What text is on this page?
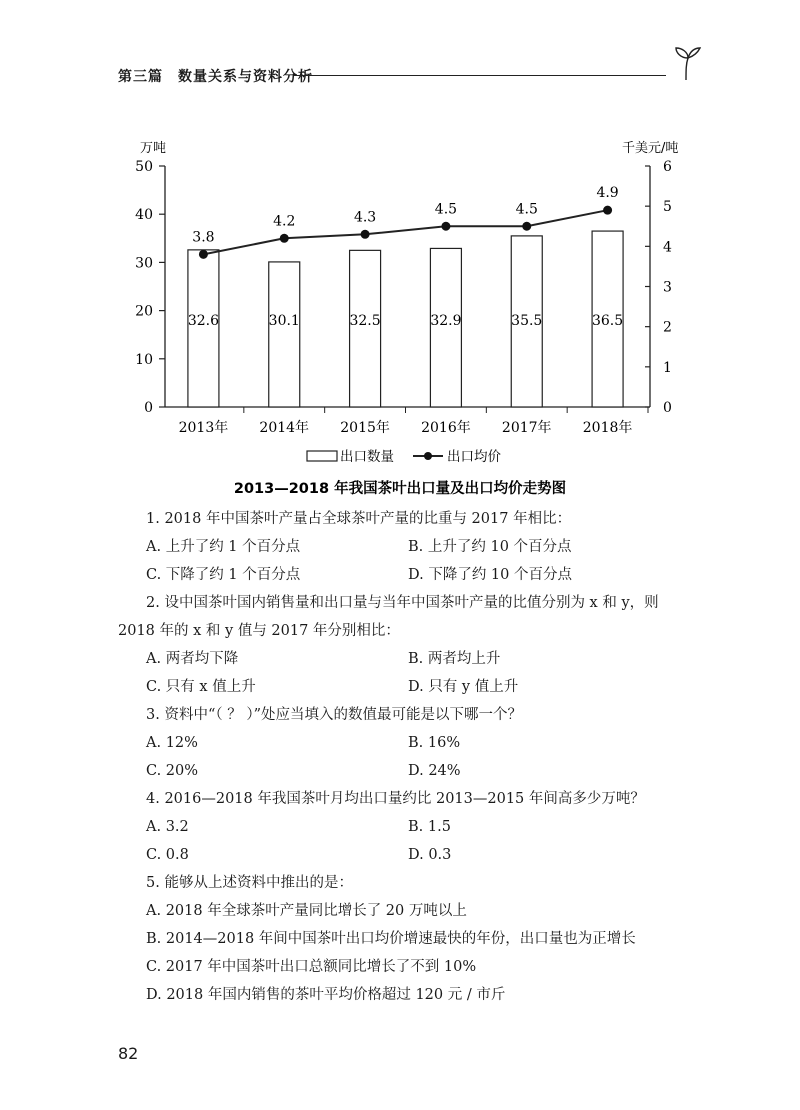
第三篇　数量关系与资料分析
0
10
20
30
40
50
0
1
2
3
4
5
6
万吨	千美元/吨
2013年 2014年 2015年 2016年 2017年 2018年
32.6	30.1	32.5	32.9	35.5	36.5
3.8
4.2	4.3
4.5	4.5
4.9
出口数量	出口均价
2013—2018 年我国茶叶出口量及出口均价走势图
1. 2018 年中国茶叶产量占全球茶叶产量的比重与 2017 年相比：
A. 上升了约 1 个百分点	B. 上升了约 10 个百分点
C. 下降了约 1 个百分点	D. 下降了约 10 个百分点
2. 设中国茶叶国内销售量和出口量与当年中国茶叶产量的比值分别为 x 和 y，则
2018 年的 x 和 y 值与 2017 年分别相比：
A. 两者均下降	B. 两者均上升
C. 只有 x 值上升	D. 只有 y 值上升
3. 资料中“（ ？ ）”处应当填入的数值最可能是以下哪一个？
A. 12%	B. 16%
C. 20%	D. 24%
4. 2016—2018 年我国茶叶月均出口量约比 2013—2015 年间高多少万吨？
A. 3.2	B. 1.5
C. 0.8	D. 0.3
5. 能够从上述资料中推出的是：
A. 2018 年全球茶叶产量同比增长了 20 万吨以上
B. 2014—2018 年间中国茶叶出口均价增速最快的年份，出口量也为正增长
C. 2017 年中国茶叶出口总额同比增长了不到 10%
D. 2018 年国内销售的茶叶平均价格超过 120 元 / 市斤
82
